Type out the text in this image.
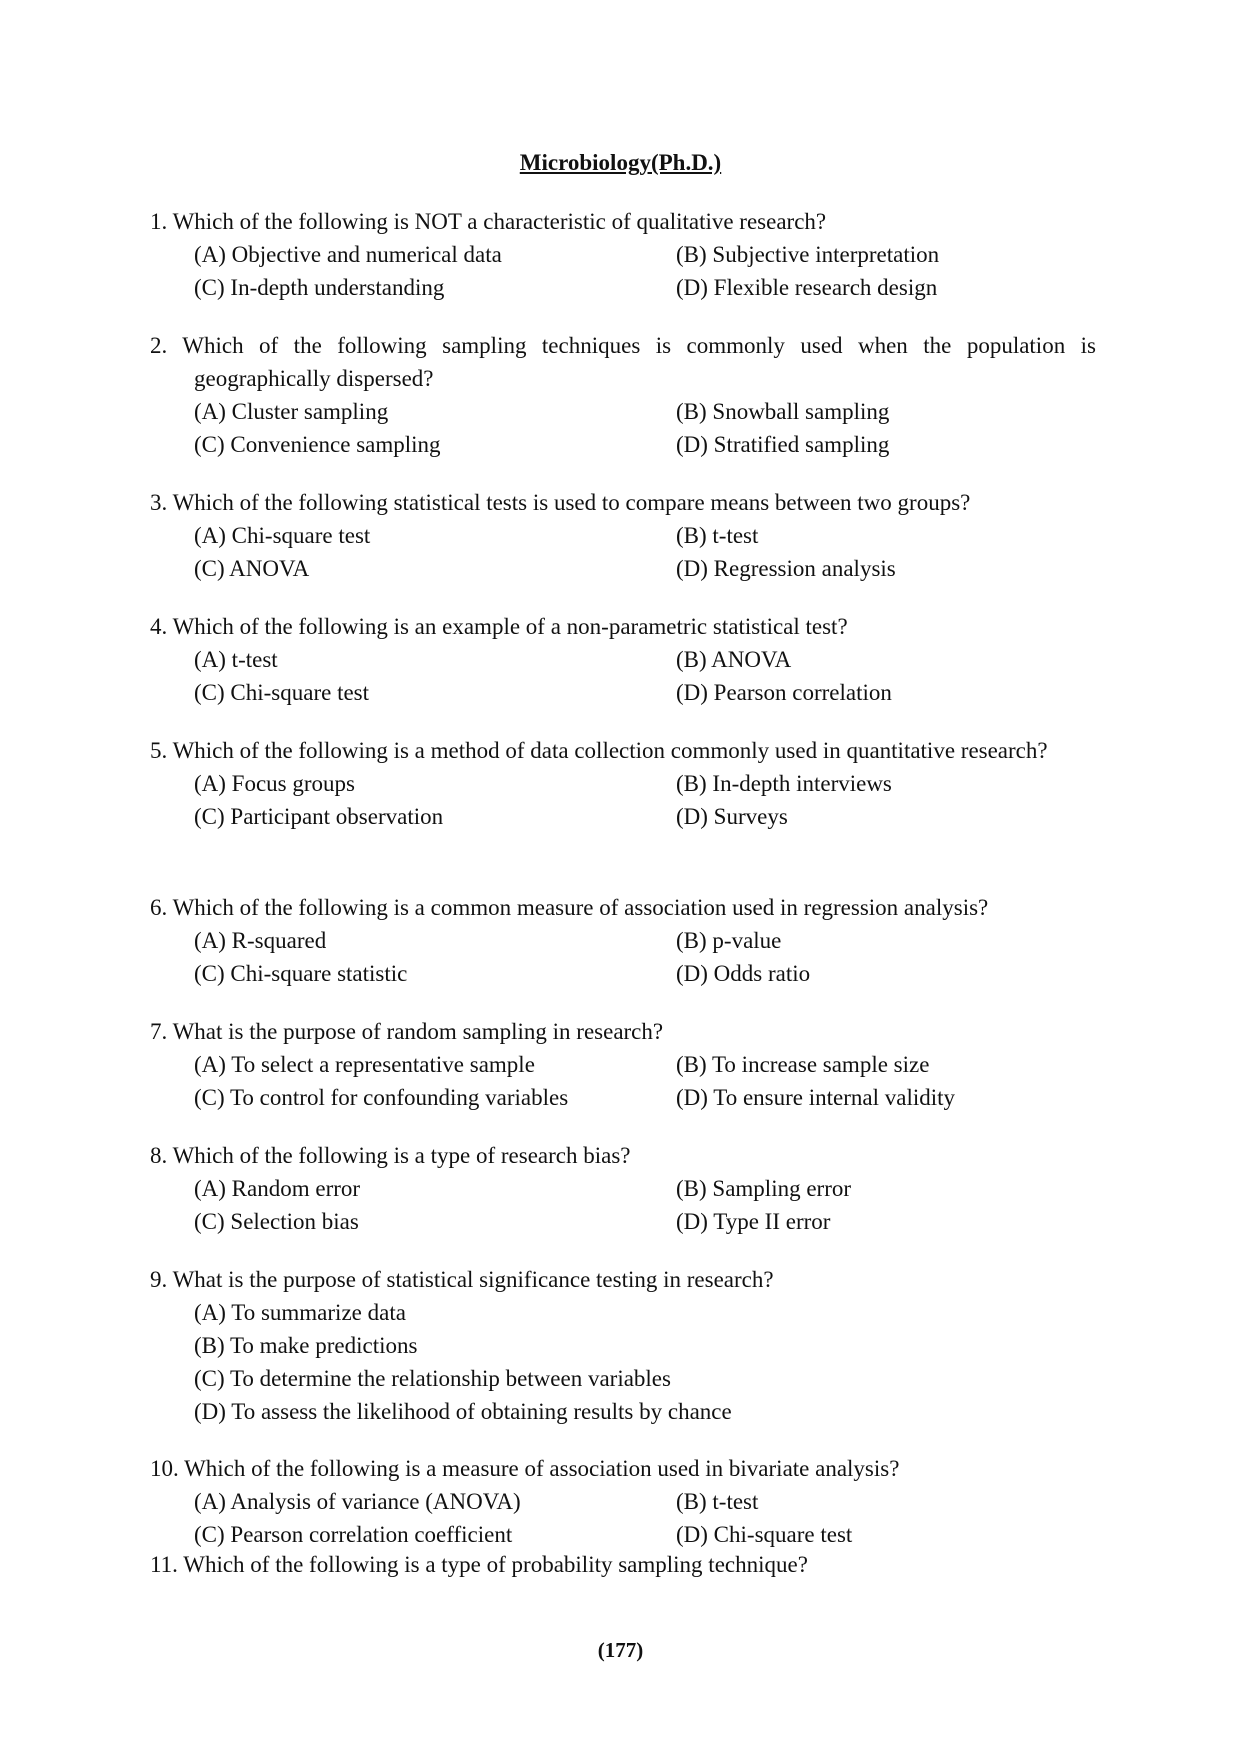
Microbiology(Ph.D.)
1. Which of the following is NOT a characteristic of qualitative research?
(A) Objective and numerical data	(B) Subjective interpretation
(C) In-depth understanding	(D) Flexible research design
2. Which of the following sampling techniques is commonly used when the population is geographically dispersed?
(A) Cluster sampling	(B) Snowball sampling
(C) Convenience sampling	(D) Stratified sampling
3. Which of the following statistical tests is used to compare means between two groups?
(A) Chi-square test	(B) t-test
(C) ANOVA	(D) Regression analysis
4. Which of the following is an example of a non-parametric statistical test?
(A) t-test	(B) ANOVA
(C) Chi-square test	(D) Pearson correlation
5. Which of the following is a method of data collection commonly used in quantitative research?
(A) Focus groups	(B) In-depth interviews
(C) Participant observation	(D) Surveys
6. Which of the following is a common measure of association used in regression analysis?
(A) R-squared	(B) p-value
(C) Chi-square statistic	(D) Odds ratio
7. What is the purpose of random sampling in research?
(A) To select a representative sample	(B) To increase sample size
(C) To control for confounding variables	(D) To ensure internal validity
8. Which of the following is a type of research bias?
(A) Random error	(B) Sampling error
(C) Selection bias	(D) Type II error
9. What is the purpose of statistical significance testing in research?
(A) To summarize data
(B) To make predictions
(C) To determine the relationship between variables
(D) To assess the likelihood of obtaining results by chance
10. Which of the following is a measure of association used in bivariate analysis?
(A) Analysis of variance (ANOVA)	(B) t-test
(C) Pearson correlation coefficient	(D) Chi-square test
11. Which of the following is a type of probability sampling technique?
(177)
